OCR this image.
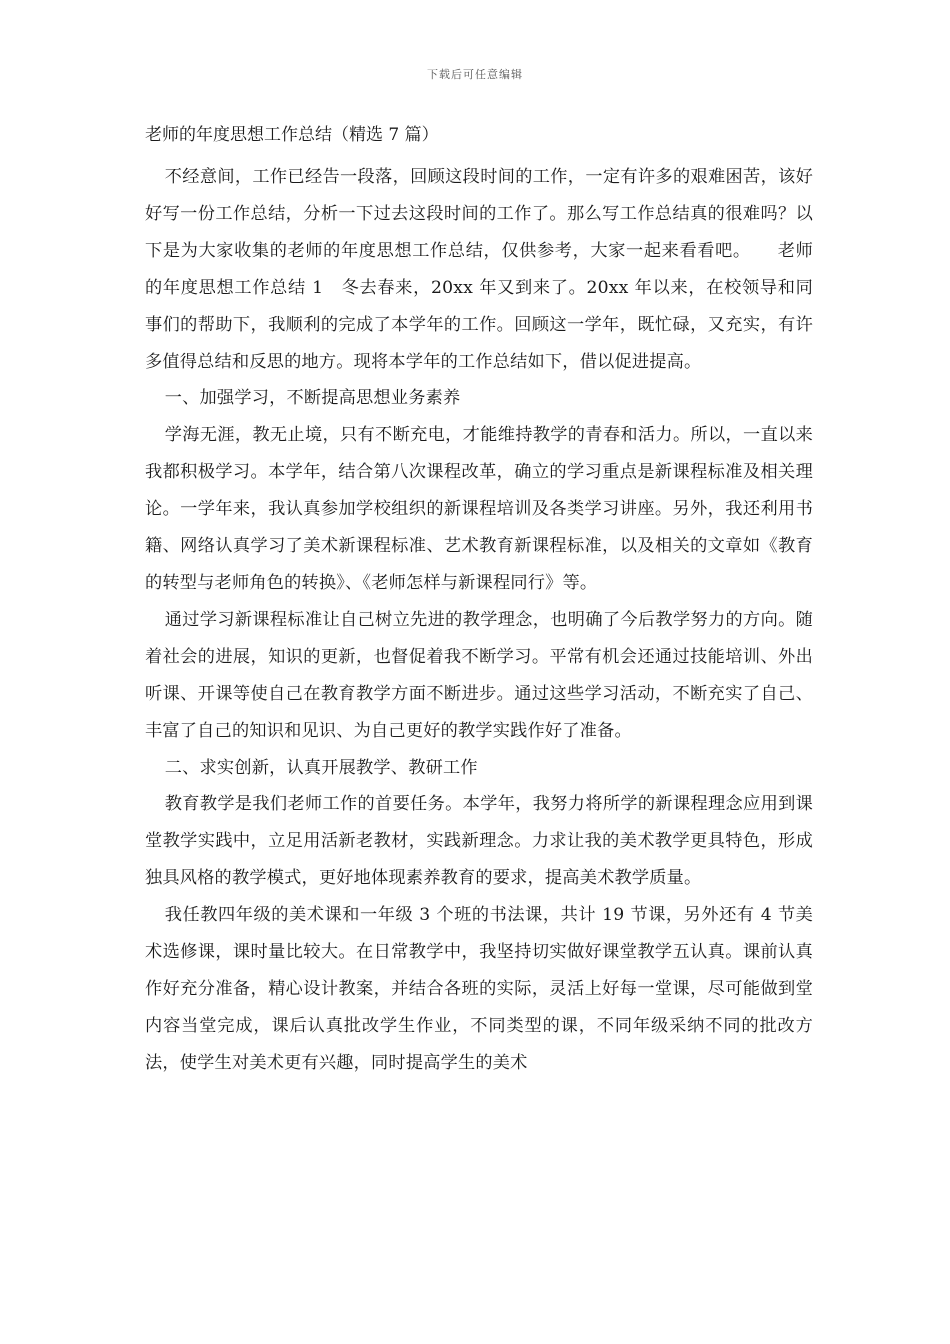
下载后可任意编辑

老师的年度思想工作总结（精选 7 篇）

不经意间，工作已经告一段落，回顾这段时间的工作，一定有许多的艰难困苦，该好好写一份工作总结，分析一下过去这段时间的工作了。那么写工作总结真的很难吗？以下是为大家收集的老师的年度思想工作总结，仅供参考，大家一起来看看吧。　　老师的年度思想工作总结 1　冬去春来，20xx 年又到来了。20xx 年以来，在校领导和同事们的帮助下，我顺利的完成了本学年的工作。回顾这一学年，既忙碌，又充实，有许多值得总结和反思的地方。现将本学年的工作总结如下，借以促进提高。

一、加强学习，不断提高思想业务素养

学海无涯，教无止境，只有不断充电，才能维持教学的青春和活力。所以，一直以来我都积极学习。本学年，结合第八次课程改革，确立的学习重点是新课程标准及相关理论。一学年来，我认真参加学校组织的新课程培训及各类学习讲座。另外，我还利用书籍、网络认真学习了美术新课程标准、艺术教育新课程标准，以及相关的文章如《教育的转型与老师角色的转换》、《老师怎样与新课程同行》等。

通过学习新课程标准让自己树立先进的教学理念，也明确了今后教学努力的方向。随着社会的进展，知识的更新，也督促着我不断学习。平常有机会还通过技能培训、外出听课、开课等使自己在教育教学方面不断进步。通过这些学习活动，不断充实了自己、丰富了自己的知识和见识、为自己更好的教学实践作好了准备。

二、求实创新，认真开展教学、教研工作

教育教学是我们老师工作的首要任务。本学年，我努力将所学的新课程理念应用到课堂教学实践中，立足用活新老教材，实践新理念。力求让我的美术教学更具特色，形成独具风格的教学模式，更好地体现素养教育的要求，提高美术教学质量。

我任教四年级的美术课和一年级 3 个班的书法课，共计 19 节课，另外还有 4 节美术选修课，课时量比较大。在日常教学中，我坚持切实做好课堂教学五认真。课前认真作好充分准备，精心设计教案，并结合各班的实际，灵活上好每一堂课，尽可能做到堂内容当堂完成，课后认真批改学生作业，不同类型的课，不同年级采纳不同的批改方法，使学生对美术更有兴趣，同时提高学生的美术
